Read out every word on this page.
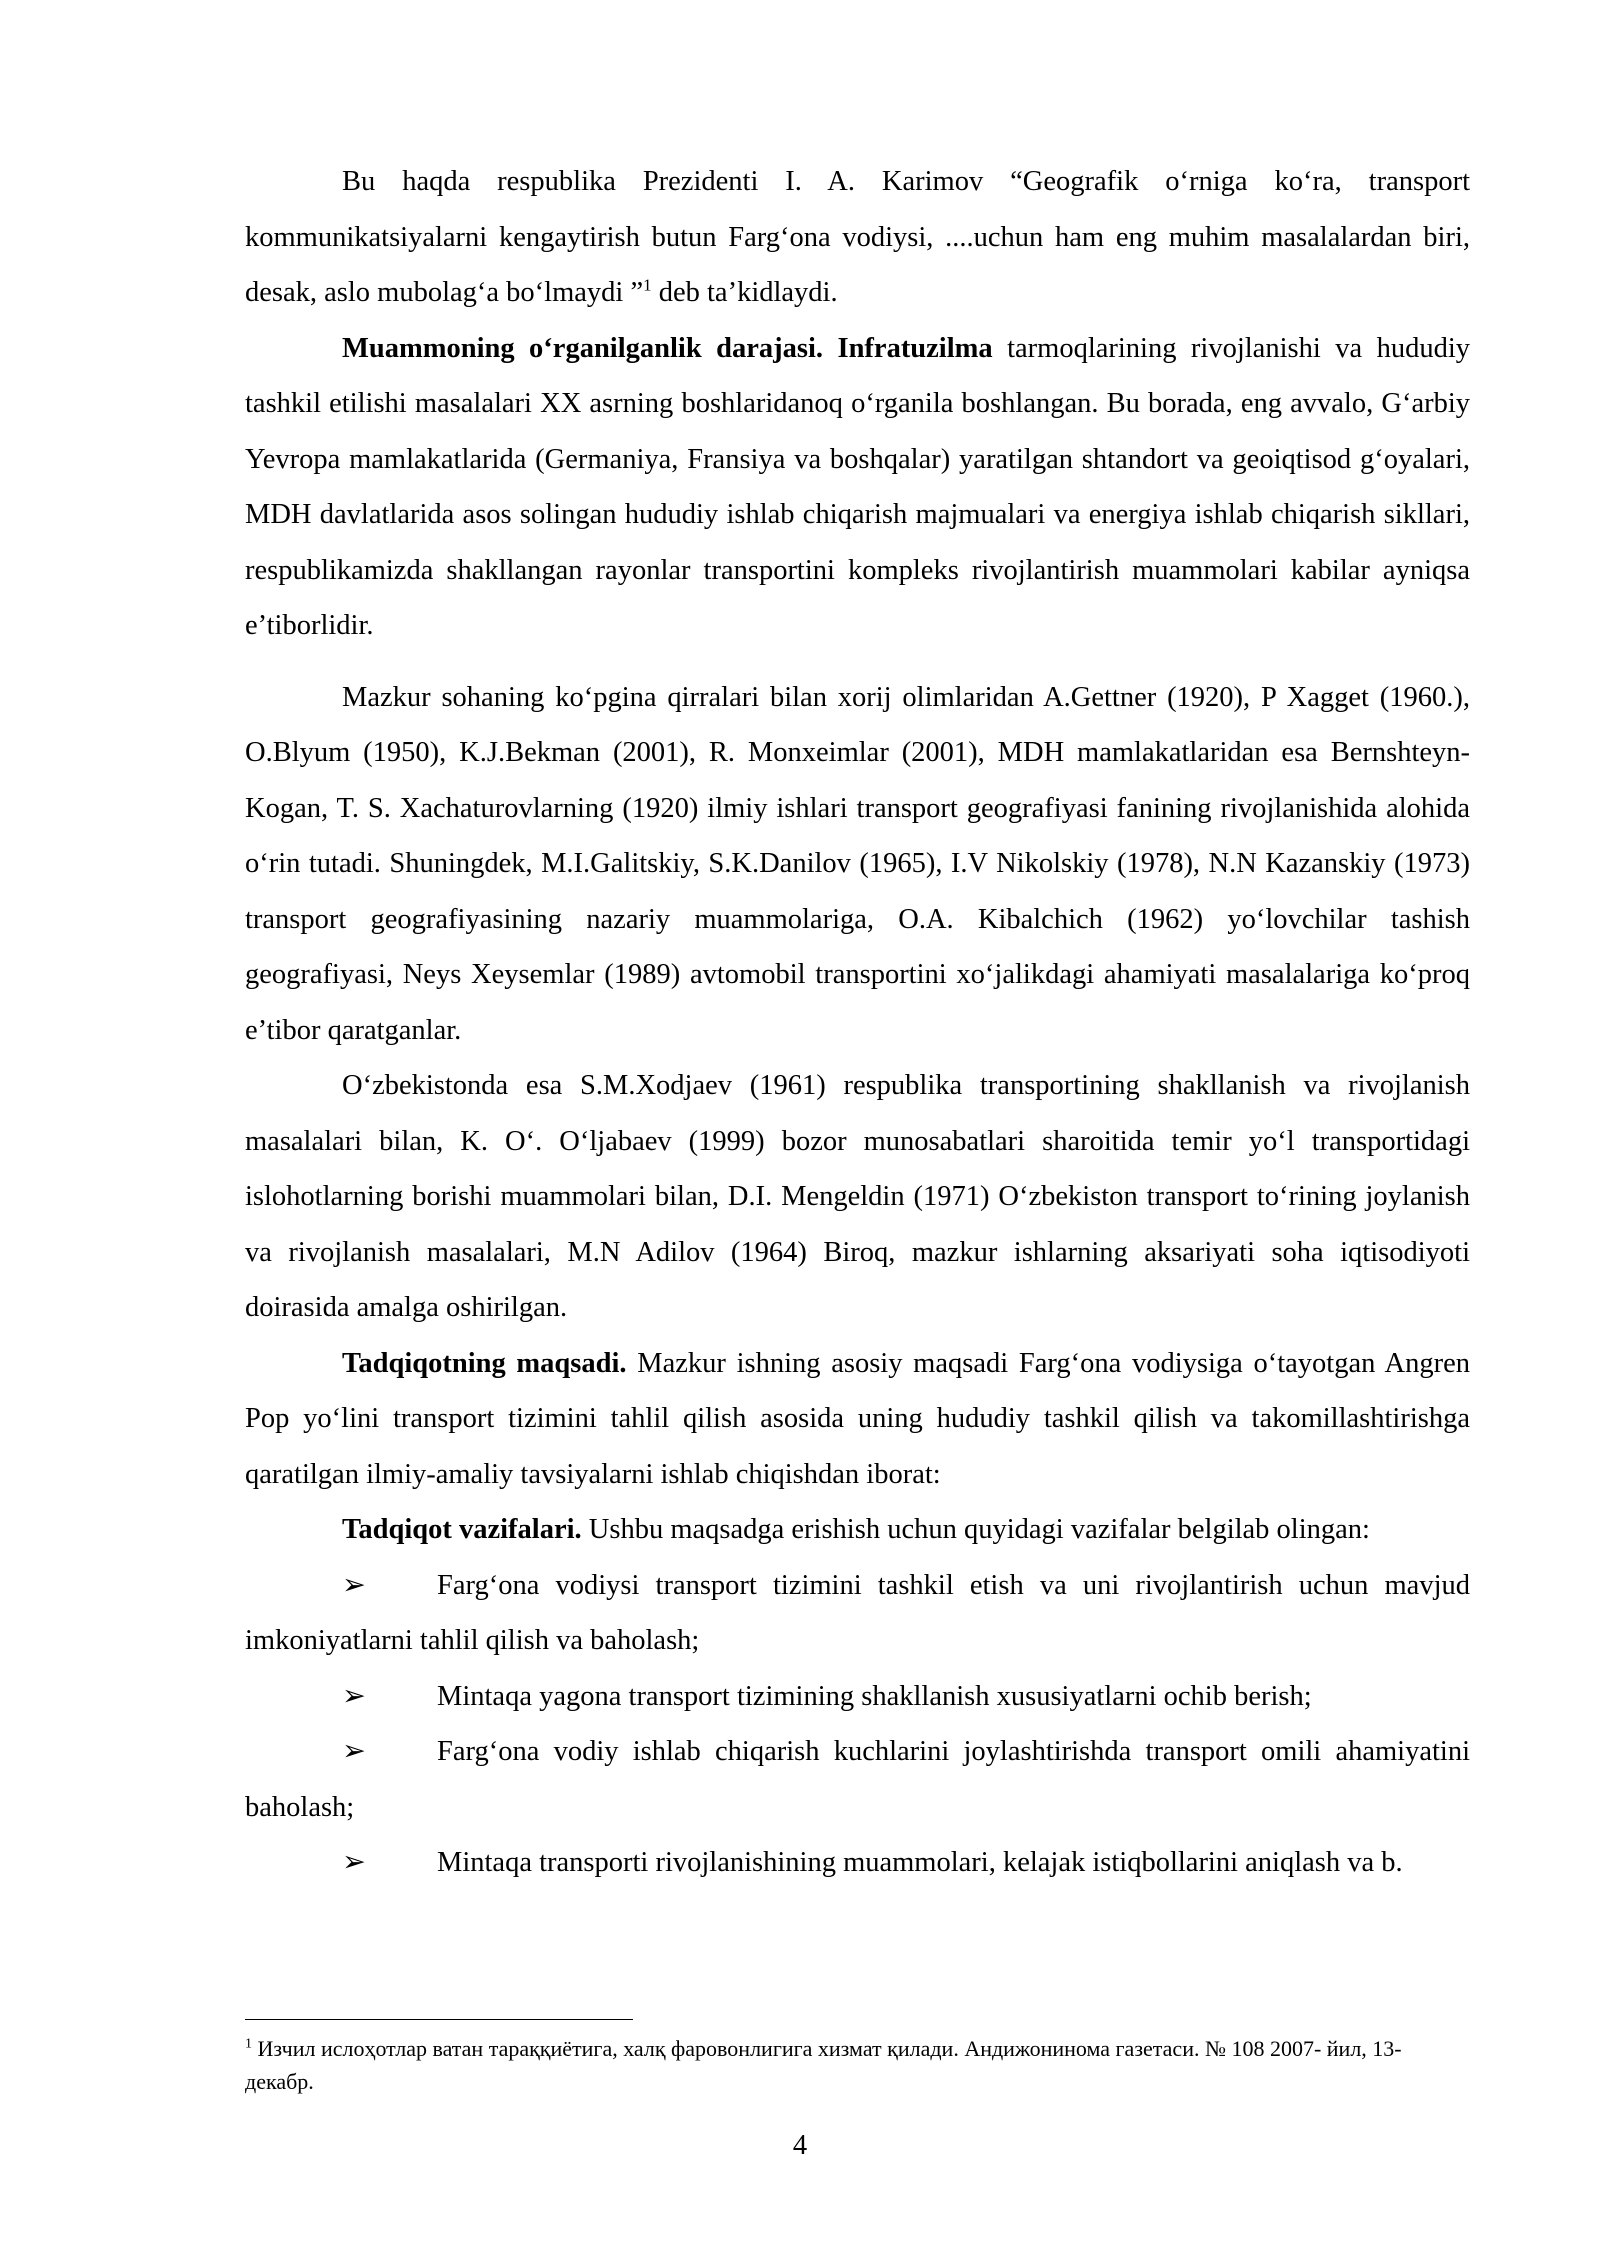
Bu haqda respublika Prezidenti I. A. Karimov “Geografik oʻrniga koʻra, transport kommunikatsiyalarni kengaytirish butun Fargʻona vodiysi, ....uchun ham eng muhim masalalardan biri, desak, aslo mubolagʻa boʻlmaydi ”$^1$ deb ta’kidlaydi.

Muammoning oʻrganilganlik darajasi. Infratuzilma tarmoqlarining rivojlanishi va hududiy tashkil etilishi masalalari XX asrning boshlaridanoq oʻrganila boshlangan. Bu borada, eng avvalo, Gʻarbiy Yevropa mamlakatlarida (Germaniya, Fransiya va boshqalar) yaratilgan shtandort va geoiqtisod gʻoyalari, MDH davlatlarida asos solingan hududiy ishlab chiqarish majmualari va energiya ishlab chiqarish sikllari, respublikamizda shakllangan rayonlar transportini kompleks rivojlantirish muammolari kabilar ayniqsa e’tiborlidir.

Mazkur sohaning koʻpgina qirralari bilan xorij olimlaridan A.Gettner (1920), P Xagget (1960.), O.Blyum (1950), K.J.Bekman (2001), R. Monxeimlar (2001), MDH mamlakatlaridan esa Bernshteyn-Kogan, T. S. Xachaturovlarning (1920) ilmiy ishlari transport geografiyasi fanining rivojlanishida alohida oʻrin tutadi. Shuningdek, M.I.Galitskiy, S.K.Danilov (1965), I.V Nikolskiy (1978), N.N Kazanskiy (1973) transport geografiyasining nazariy muammolariga, O.A. Kibalchich (1962) yoʻlovchilar tashish geografiyasi, Neys Xeysemlar (1989) avtomobil transportini xoʻjalikdagi ahamiyati masalalariga koʻproq e’tibor qaratganlar.

Oʻzbekistonda esa S.M.Xodjaev (1961) respublika transportining shakllanish va rivojlanish masalalari bilan, K. Oʻ. Oʻljabaev (1999) bozor munosabatlari sharoitida temir yoʻl transportidagi islohotlarning borishi muammolari bilan, D.I. Mengeldin (1971) Oʻzbekiston transport toʻrining joylanish va rivojlanish masalalari, M.N Adilov (1964) Biroq, mazkur ishlarning aksariyati soha iqtisodiyoti doirasida amalga oshirilgan.

Tadqiqotning maqsadi. Mazkur ishning asosiy maqsadi Fargʻona vodiysiga oʻtayotgan Angren Pop yoʻlini transport tizimini tahlil qilish asosida uning hududiy tashkil qilish va takomillashtirishga qaratilgan ilmiy-amaliy tavsiyalarni ishlab chiqishdan iborat:

Tadqiqot vazifalari. Ushbu maqsadga erishish uchun quyidagi vazifalar belgilab olingan:

➢ Fargʻona vodiysi transport tizimini tashkil etish va uni rivojlantirish uchun mavjud imkoniyatlarni tahlil qilish va baholash;

➢ Mintaqa yagona transport tizimining shakllanish xususiyatlarni ochib berish;

➢ Fargʻona vodiy ishlab chiqarish kuchlarini joylashtirishda transport omili ahamiyatini baholash;

➢ Mintaqa transporti rivojlanishining muammolari, kelajak istiqbollarini aniqlash va b.

$^1$ Изчил ислоҳотлар ватан тараққиётига, халқ фаровонлигига хизмат қилади. Андижонинома газетаси. № 108 2007- йил, 13-декабр.
4
